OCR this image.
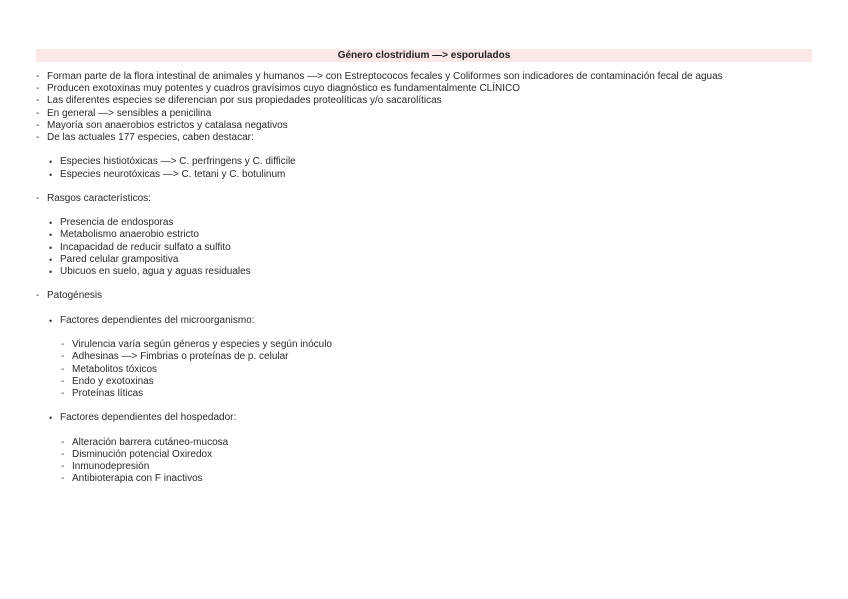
Género clostridium —> esporulados
- Forman parte de la flora intestinal de animales y humanos —> con Estreptococos fecales y Coliformes son indicadores de contaminación fecal de aguas
- Producen exotoxinas muy potentes y cuadros gravísimos cuyo diagnóstico es fundamentalmente CLÍNICO
- Las diferentes especies se diferencian por sus propiedades proteolíticas y/o sacarolíticas
- En general —> sensibles a penicilina
- Mayoría son anaerobios estrictos y catalasa negativos
- De las actuales 177 especies, caben destacar:
• Especies histiotóxicas —> C. perfringens y C. difficile
• Especies neurotóxicas —> C. tetani y C. botulinum
- Rasgos característicos:
• Presencia de endosporas
• Metabolismo anaerobio estricto
• Incapacidad de reducir sulfato a sulfito
• Pared celular grampositiva
• Ubicuos en suelo, agua y aguas residuales
- Patogénesis
• Factores dependientes del microorganismo:
- Virulencia varía según géneros y especies y según inóculo
- Adhesinas —> Fimbrias o proteínas de p. celular
- Metabolitos tóxicos
- Endo y exotoxinas
- Proteínas líticas
• Factores dependientes del hospedador:
- Alteración barrera cutáneo-mucosa
- Disminución potencial Oxiredox
- Inmunodepresión
- Antibioterapia con F inactivos
